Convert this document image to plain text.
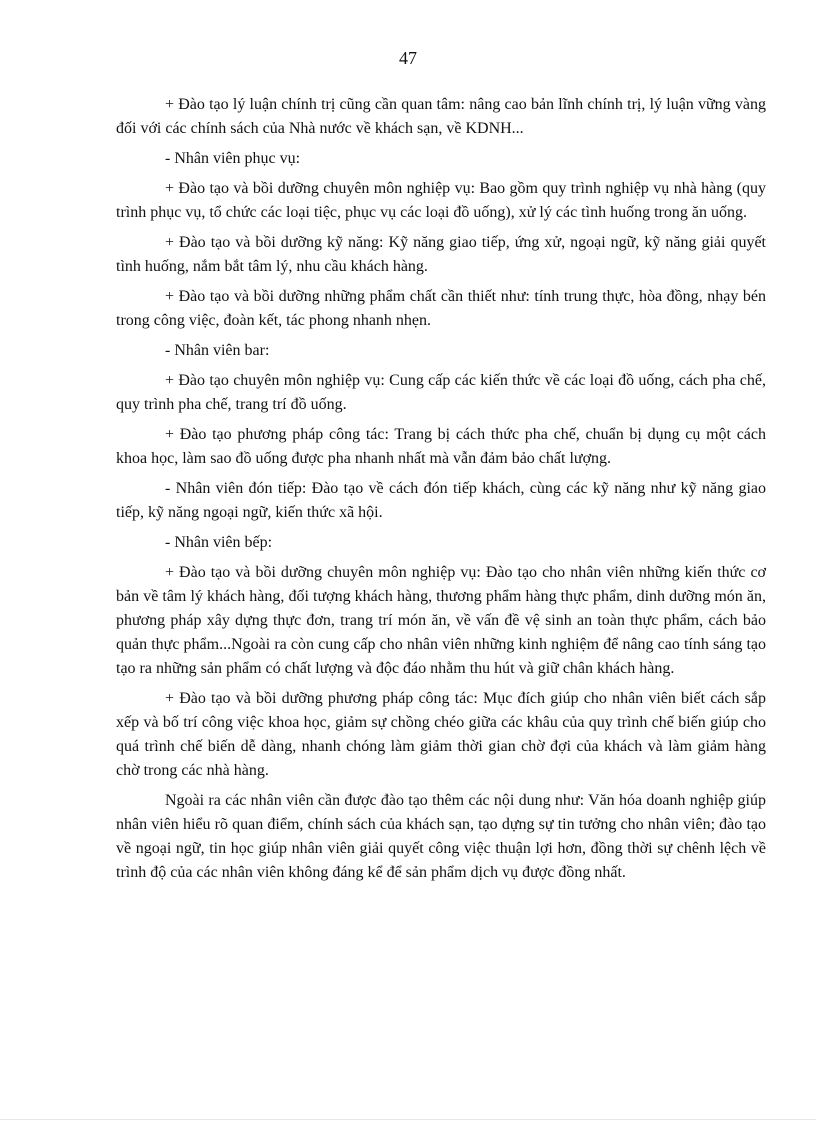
47

+ Đào tạo lý luận chính trị cũng cần quan tâm: nâng cao bản lĩnh chính trị, lý luận vững vàng đối với các chính sách của Nhà nước về khách sạn, về KDNH...

- Nhân viên phục vụ:

+ Đào tạo và bồi dưỡng chuyên môn nghiệp vụ: Bao gồm quy trình nghiệp vụ nhà hàng (quy trình phục vụ, tổ chức các loại tiệc, phục vụ các loại đồ uống), xử lý các tình huống trong ăn uống.

+ Đào tạo và bồi dưỡng kỹ năng: Kỹ năng giao tiếp, ứng xử, ngoại ngữ, kỹ năng giải quyết tình huống, nắm bắt tâm lý, nhu cầu khách hàng.

+ Đào tạo và bồi dưỡng những phẩm chất cần thiết như: tính trung thực, hòa đồng, nhạy bén trong công việc, đoàn kết, tác phong nhanh nhẹn.

- Nhân viên bar:

+ Đào tạo chuyên môn nghiệp vụ: Cung cấp các kiến thức về các loại đồ uống, cách pha chế, quy trình pha chế, trang trí đồ uống.

+ Đào tạo phương pháp công tác: Trang bị cách thức pha chế, chuẩn bị dụng cụ một cách khoa học, làm sao đồ uống được pha nhanh nhất mà vẫn đảm bảo chất lượng.

- Nhân viên đón tiếp: Đào tạo về cách đón tiếp khách, cùng các kỹ năng như kỹ năng giao tiếp, kỹ năng ngoại ngữ, kiến thức xã hội.

- Nhân viên bếp:

+ Đào tạo và bồi dưỡng chuyên môn nghiệp vụ: Đào tạo cho nhân viên những kiến thức cơ bản về tâm lý khách hàng, đối tượng khách hàng, thương phẩm hàng thực phẩm, dinh dưỡng món ăn, phương pháp xây dựng thực đơn, trang trí món ăn, về vấn đề vệ sinh an toàn thực phẩm, cách bảo quản thực phẩm...Ngoài ra còn cung cấp cho nhân viên những kinh nghiệm để nâng cao tính sáng tạo tạo ra những sản phẩm có chất lượng và độc đáo nhằm thu hút và giữ chân khách hàng.

+ Đào tạo và bồi dưỡng phương pháp công tác: Mục đích giúp cho nhân viên biết cách sắp xếp và bố trí công việc khoa học, giảm sự chồng chéo giữa các khâu của quy trình chế biến giúp cho quá trình chế biến dễ dàng, nhanh chóng làm giảm thời gian chờ đợi của khách và làm giảm hàng chờ trong các nhà hàng.

Ngoài ra các nhân viên cần được đào tạo thêm các nội dung như: Văn hóa doanh nghiệp giúp nhân viên hiểu rõ quan điểm, chính sách của khách sạn, tạo dựng sự tin tưởng cho nhân viên; đào tạo về ngoại ngữ, tin học giúp nhân viên giải quyết công việc thuận lợi hơn, đồng thời sự chênh lệch về trình độ của các nhân viên không đáng kể để sản phẩm dịch vụ được đồng nhất.
